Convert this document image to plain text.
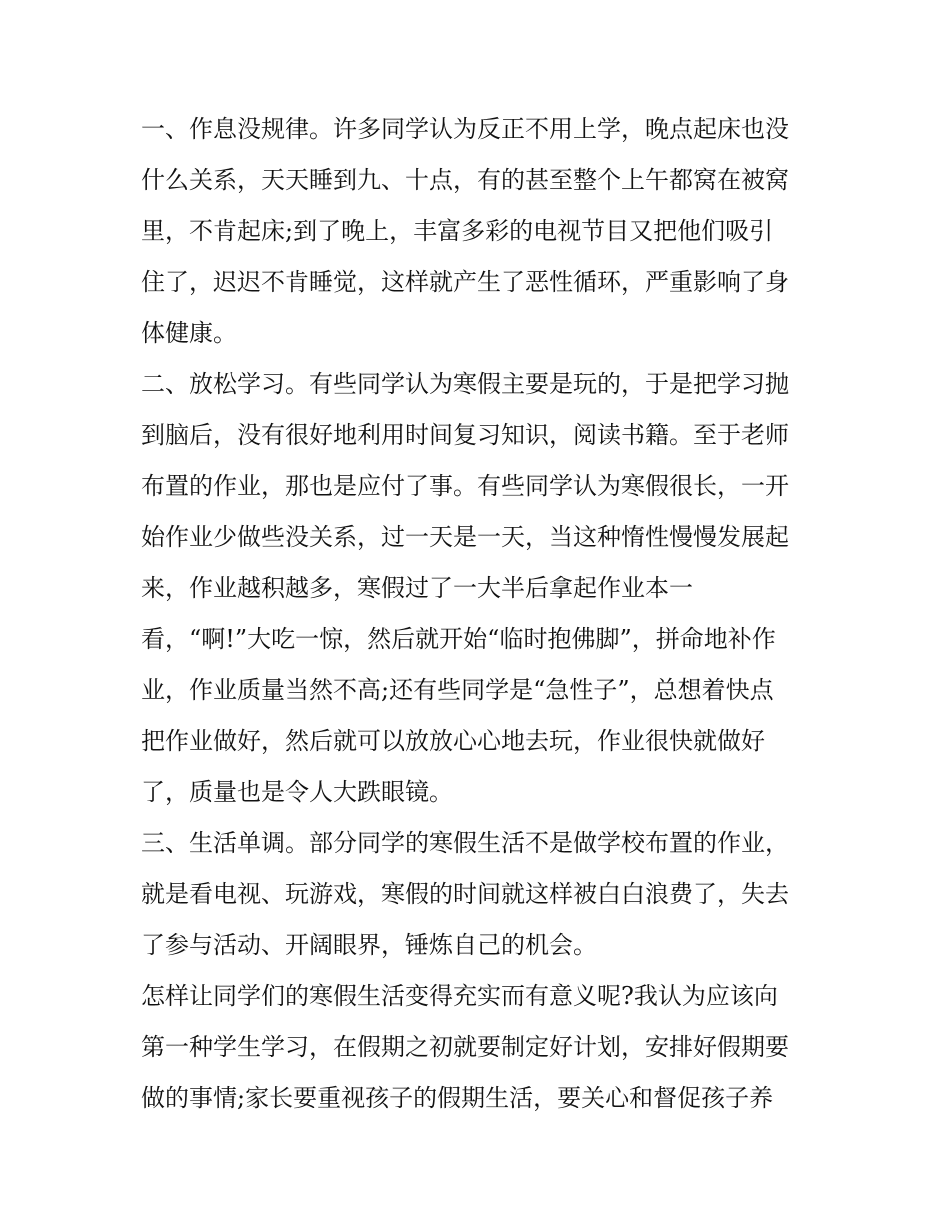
一、作息没规律。许多同学认为反正不用上学，晚点起床也没
什么关系，天天睡到九、十点，有的甚至整个上午都窝在被窝
里，不肯起床;到了晚上，丰富多彩的电视节目又把他们吸引
住了，迟迟不肯睡觉，这样就产生了恶性循环，严重影响了身
体健康。
二、放松学习。有些同学认为寒假主要是玩的，于是把学习抛
到脑后，没有很好地利用时间复习知识，阅读书籍。至于老师
布置的作业，那也是应付了事。有些同学认为寒假很长，一开
始作业少做些没关系，过一天是一天，当这种惰性慢慢发展起
来，作业越积越多，寒假过了一大半后拿起作业本一
看，“啊!”大吃一惊，然后就开始“临时抱佛脚”，拼命地补作
业，作业质量当然不高;还有些同学是“急性子”，总想着快点
把作业做好，然后就可以放放心心地去玩，作业很快就做好
了，质量也是令人大跌眼镜。
三、生活单调。部分同学的寒假生活不是做学校布置的作业，
就是看电视、玩游戏，寒假的时间就这样被白白浪费了，失去
了参与活动、开阔眼界，锤炼自己的机会。
怎样让同学们的寒假生活变得充实而有意义呢?我认为应该向
第一种学生学习，在假期之初就要制定好计划，安排好假期要
做的事情;家长要重视孩子的假期生活，要关心和督促孩子养
